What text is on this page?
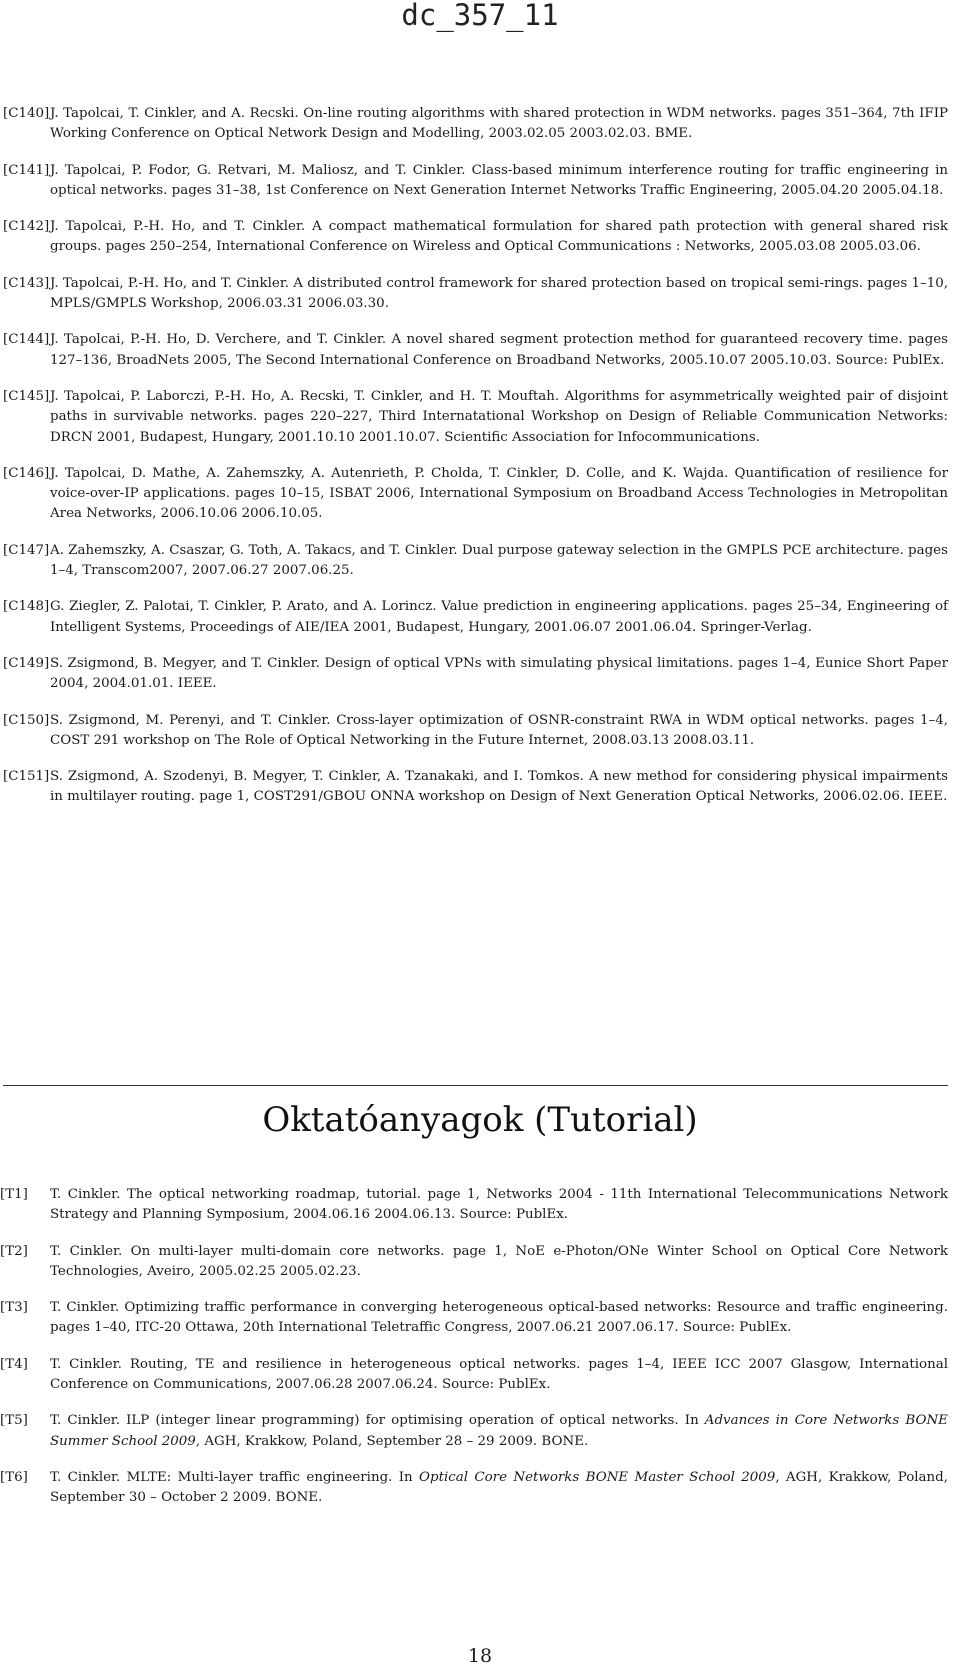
dc_357_11
[C140] J. Tapolcai, T. Cinkler, and A. Recski. On-line routing algorithms with shared protection in WDM networks. pages 351–364, 7th IFIP Working Conference on Optical Network Design and Modelling, 2003.02.05 2003.02.03. BME.
[C141] J. Tapolcai, P. Fodor, G. Retvari, M. Maliosz, and T. Cinkler. Class-based minimum interference routing for traffic engineering in optical networks. pages 31–38, 1st Conference on Next Generation Internet Networks Traffic Engineering, 2005.04.20 2005.04.18.
[C142] J. Tapolcai, P.-H. Ho, and T. Cinkler. A compact mathematical formulation for shared path protection with general shared risk groups. pages 250–254, International Conference on Wireless and Optical Communications : Networks, 2005.03.08 2005.03.06.
[C143] J. Tapolcai, P.-H. Ho, and T. Cinkler. A distributed control framework for shared protection based on tropical semi-rings. pages 1–10, MPLS/GMPLS Workshop, 2006.03.31 2006.03.30.
[C144] J. Tapolcai, P.-H. Ho, D. Verchere, and T. Cinkler. A novel shared segment protection method for guaranteed recovery time. pages 127–136, BroadNets 2005, The Second International Conference on Broadband Networks, 2005.10.07 2005.10.03. Source: PublEx.
[C145] J. Tapolcai, P. Laborczi, P.-H. Ho, A. Recski, T. Cinkler, and H. T. Mouftah. Algorithms for asymmetrically weighted pair of disjoint paths in survivable networks. pages 220–227, Third Internatational Workshop on Design of Reliable Communication Networks: DRCN 2001, Budapest, Hungary, 2001.10.10 2001.10.07. Scientific Association for Infocommunications.
[C146] J. Tapolcai, D. Mathe, A. Zahemszky, A. Autenrieth, P. Cholda, T. Cinkler, D. Colle, and K. Wajda. Quantification of resilience for voice-over-IP applications. pages 10–15, ISBAT 2006, International Symposium on Broadband Access Technologies in Metropolitan Area Networks, 2006.10.06 2006.10.05.
[C147] A. Zahemszky, A. Csaszar, G. Toth, A. Takacs, and T. Cinkler. Dual purpose gateway selection in the GMPLS PCE architecture. pages 1–4, Transcom2007, 2007.06.27 2007.06.25.
[C148] G. Ziegler, Z. Palotai, T. Cinkler, P. Arato, and A. Lorincz. Value prediction in engineering applications. pages 25–34, Engineering of Intelligent Systems, Proceedings of AIE/IEA 2001, Budapest, Hungary, 2001.06.07 2001.06.04. Springer-Verlag.
[C149] S. Zsigmond, B. Megyer, and T. Cinkler. Design of optical VPNs with simulating physical limitations. pages 1–4, Eunice Short Paper 2004, 2004.01.01. IEEE.
[C150] S. Zsigmond, M. Perenyi, and T. Cinkler. Cross-layer optimization of OSNR-constraint RWA in WDM optical networks. pages 1–4, COST 291 workshop on The Role of Optical Networking in the Future Internet, 2008.03.13 2008.03.11.
[C151] S. Zsigmond, A. Szodenyi, B. Megyer, T. Cinkler, A. Tzanakaki, and I. Tomkos. A new method for considering physical impairments in multilayer routing. page 1, COST291/GBOU ONNA workshop on Design of Next Generation Optical Networks, 2006.02.06. IEEE.
Oktatóanyagok (Tutorial)
[T1] T. Cinkler. The optical networking roadmap, tutorial. page 1, Networks 2004 - 11th International Telecommunications Network Strategy and Planning Symposium, 2004.06.16 2004.06.13. Source: PublEx.
[T2] T. Cinkler. On multi-layer multi-domain core networks. page 1, NoE e-Photon/ONe Winter School on Optical Core Network Technologies, Aveiro, 2005.02.25 2005.02.23.
[T3] T. Cinkler. Optimizing traffic performance in converging heterogeneous optical-based networks: Resource and traffic engineering. pages 1–40, ITC-20 Ottawa, 20th International Teletraffic Congress, 2007.06.21 2007.06.17. Source: PublEx.
[T4] T. Cinkler. Routing, TE and resilience in heterogeneous optical networks. pages 1–4, IEEE ICC 2007 Glasgow, International Conference on Communications, 2007.06.28 2007.06.24. Source: PublEx.
[T5] T. Cinkler. ILP (integer linear programming) for optimising operation of optical networks. In Advances in Core Networks BONE Summer School 2009, AGH, Krakkow, Poland, September 28 – 29 2009. BONE.
[T6] T. Cinkler. MLTE: Multi-layer traffic engineering. In Optical Core Networks BONE Master School 2009, AGH, Krakkow, Poland, September 30 – October 2 2009. BONE.
18
